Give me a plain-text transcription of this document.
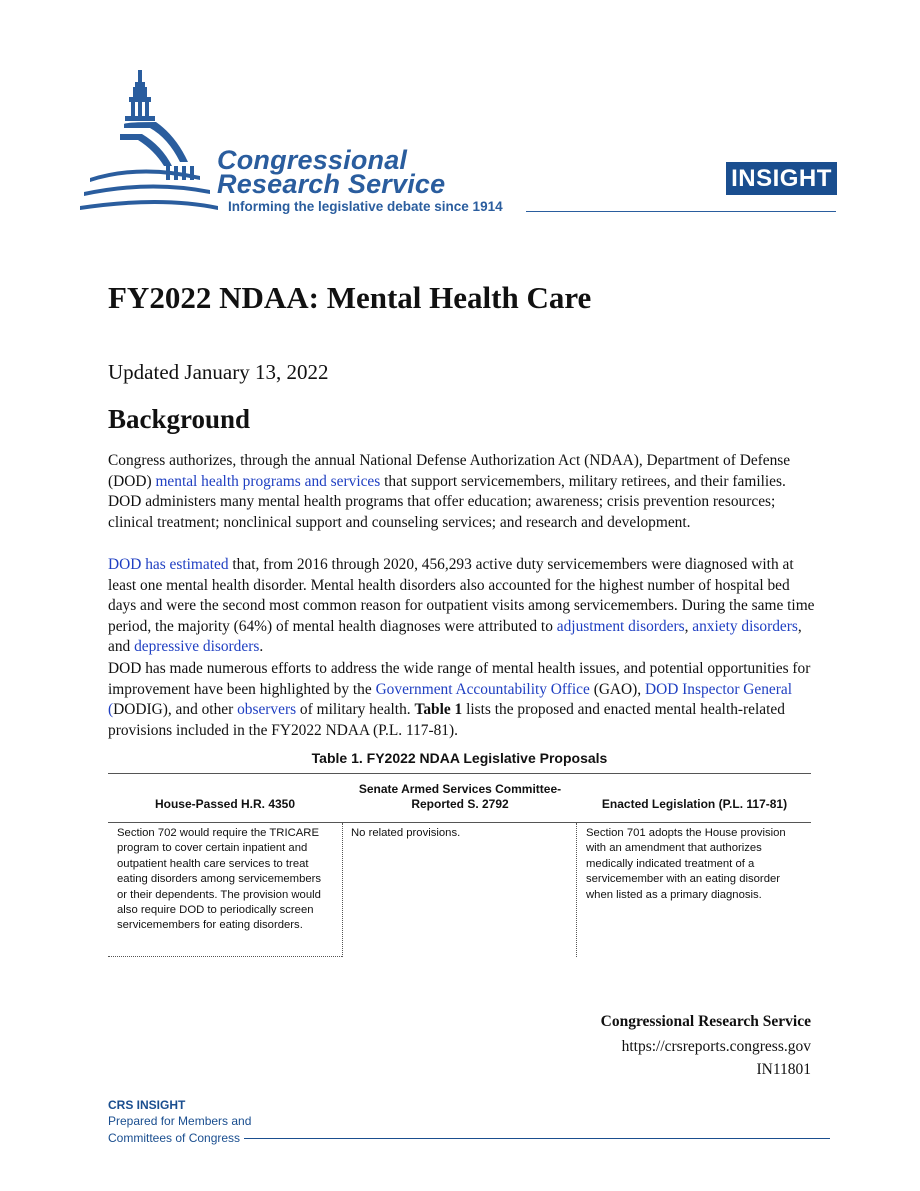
Congressional
Research Service
Informing the legislative debate since 1914
INSIGHT
FY2022 NDAA: Mental Health Care
Updated January 13, 2022
Background

Congress authorizes, through the annual National Defense Authorization Act (NDAA), Department of Defense (DOD) mental health programs and services that support servicemembers, military retirees, and their families. DOD administers many mental health programs that offer education; awareness; crisis prevention resources; clinical treatment; nonclinical support and counseling services; and research and development.

DOD has estimated that, from 2016 through 2020, 456,293 active duty servicemembers were diagnosed with at least one mental health disorder. Mental health disorders also accounted for the highest number of hospital bed days and were the second most common reason for outpatient visits among servicemembers. During the same time period, the majority (64%) of mental health diagnoses were attributed to adjustment disorders, anxiety disorders, and depressive disorders.

DOD has made numerous efforts to address the wide range of mental health issues, and potential opportunities for improvement have been highlighted by the Government Accountability Office (GAO), DOD Inspector General (DODIG), and other observers of military health. Table 1 lists the proposed and enacted mental health-related provisions included in the FY2022 NDAA (P.L. 117-81).

Table 1. FY2022 NDAA Legislative Proposals
House-Passed H.R. 4350
Senate Armed Services Committee-Reported S. 2792	Enacted Legislation (P.L. 117-81)
Section 702 would require the TRICARE program to cover certain inpatient and outpatient health care services to treat eating disorders among servicemembers or their dependents. The provision would also require DOD to periodically screen servicemembers for eating disorders.
No related provisions.	Section 701 adopts the House provision with an amendment that authorizes medically indicated treatment of a servicemember with an eating disorder when listed as a primary diagnosis.
Congressional Research Service
https://crsreports.congress.gov
IN11801
CRS INSIGHT
Prepared for Members and
Committees of Congress
